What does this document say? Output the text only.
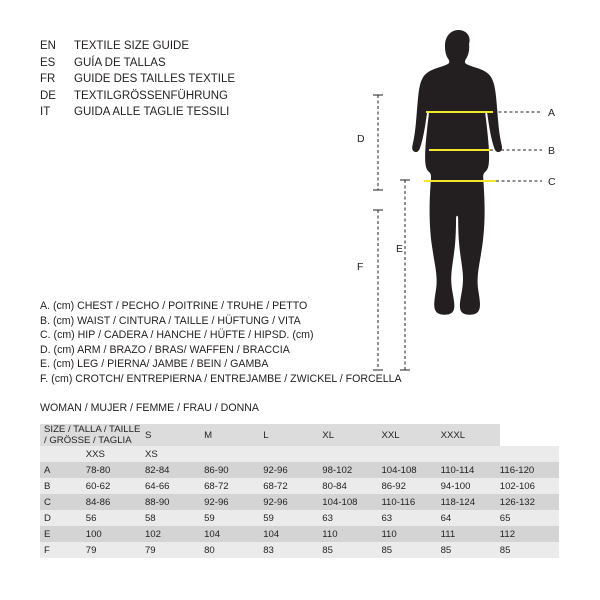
EN	TEXTILE SIZE GUIDE
ES	GUÍA DE TALLAS
FR	GUIDE DES TAILLES TEXTILE
DE	TEXTILGRÖSSENFÜHRUNG
IT	GUIDA ALLE TAGLIE TESSILI
A. (cm) CHEST / PECHO / POITRINE / TRUHE / PETTO
B. (cm) WAIST / CINTURA / TAILLE / HÜFTUNG / VITA
C. (cm) HIP / CADERA / HANCHE / HÜFTE / HIPSD. (cm)
D. (cm) ARM / BRAZO / BRAS/ WAFFEN / BRACCIA
E. (cm) LEG / PIERNA/ JAMBE / BEIN / GAMBA
F. (cm) CROTCH/ ENTREPIERNA / ENTREJAMBE / ZWICKEL / FORCELLA
WOMAN / MUJER / FEMME / FRAU / DONNA
A
B
C
D
E
F
SIZE / TALLA / TAILLE / GRÖSSE / TAGLIA		S	M	L	XL	XXL	XXXL	
	XXS	XS						
A	78-80	82-84	86-90	92-96	98-102	104-108	110-114	116-120
B	60-62	64-66	68-72	68-72	80-84	86-92	94-100	102-106
C	84-86	88-90	92-96	92-96	104-108	110-116	118-124	126-132
D	56	58	59	59	63	63	64	65
E	100	102	104	104	110	110	111	112
F	79	79	80	83	85	85	85	85
